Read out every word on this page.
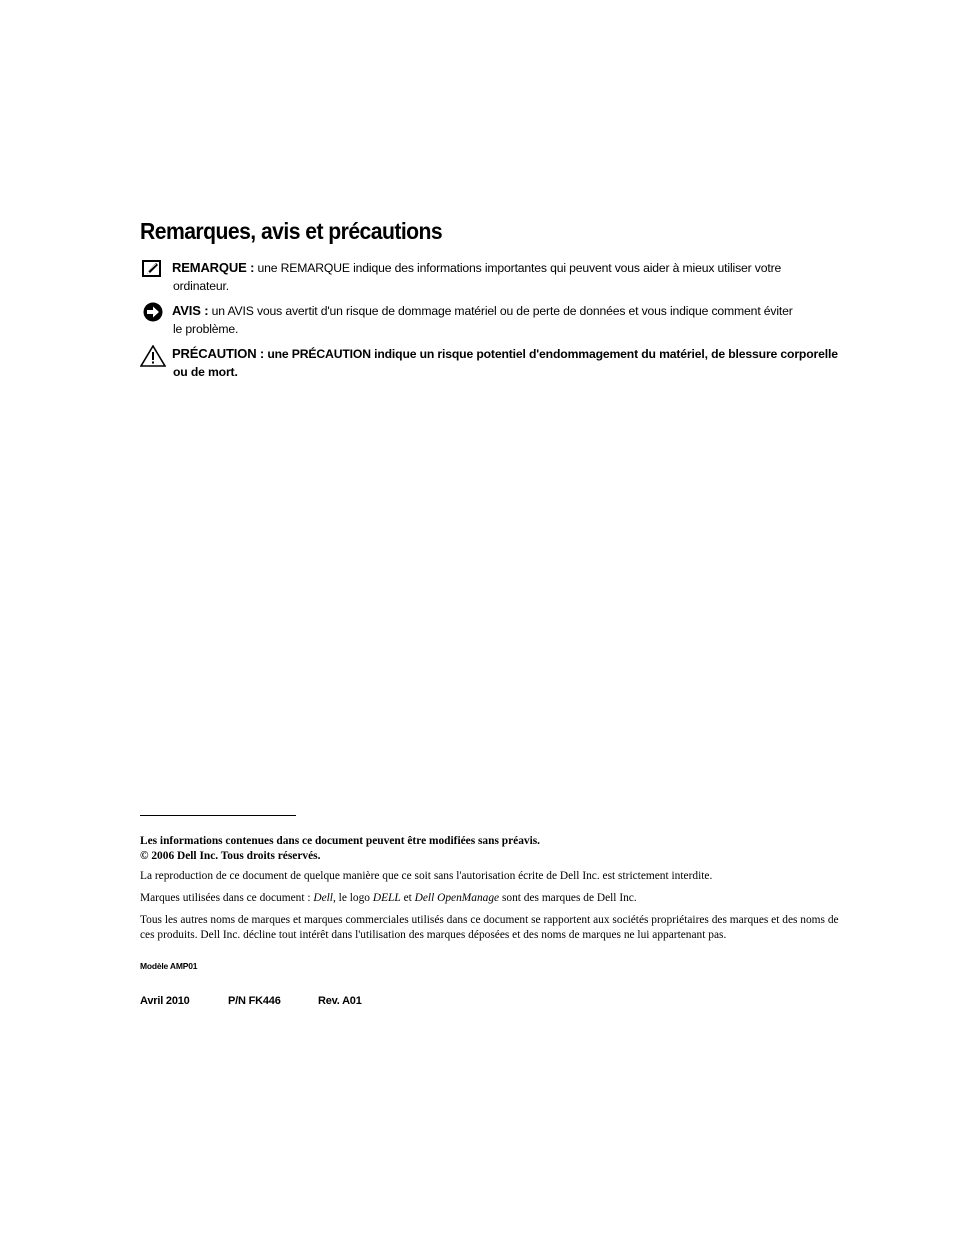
Remarques, avis et précautions
REMARQUE : une REMARQUE indique des informations importantes qui peuvent vous aider à mieux utiliser votre
ordinateur.
AVIS : un AVIS vous avertit d'un risque de dommage matériel ou de perte de données et vous indique comment éviter
le problème.
PRÉCAUTION : une PRÉCAUTION indique un risque potentiel d'endommagement du matériel, de blessure corporelle
ou de mort.
Les informations contenues dans ce document peuvent être modifiées sans préavis.
© 2006 Dell Inc. Tous droits réservés.
La reproduction de ce document de quelque manière que ce soit sans l'autorisation écrite de Dell Inc. est strictement interdite.
Marques utilisées dans ce document : Dell, le logo DELL et Dell OpenManage sont des marques de Dell Inc.
Tous les autres noms de marques et marques commerciales utilisés dans ce document se rapportent aux sociétés propriétaires des marques et des noms de ces produits. Dell Inc. décline tout intérêt dans l'utilisation des marques déposées et des noms de marques ne lui appartenant pas.
Modèle AMP01
Avril 2010	P/N FK446	Rev. A01
